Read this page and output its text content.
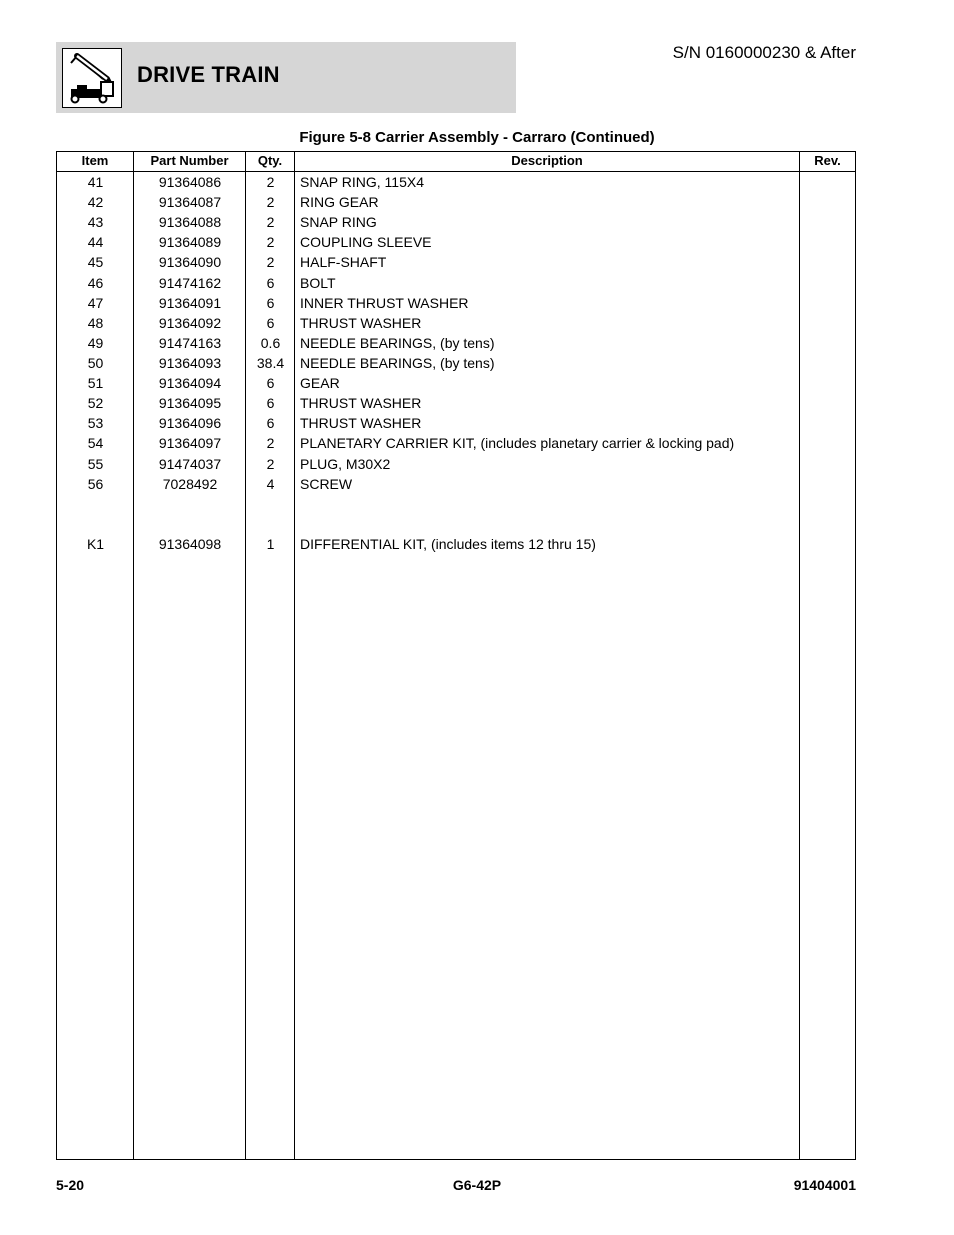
DRIVE TRAIN
S/N 0160000230 & After
Figure 5-8 Carrier Assembly - Carraro (Continued)
Item	Part Number	Qty.	Description	Rev.
41	91364086	2	SNAP RING, 115X4
42	91364087	2	RING GEAR
43	91364088	2	SNAP RING
44	91364089	2	COUPLING SLEEVE
45	91364090	2	HALF-SHAFT
46	91474162	6	BOLT
47	91364091	6	INNER THRUST WASHER
48	91364092	6	THRUST WASHER
49	91474163	0.6	NEEDLE BEARINGS, (by tens)
50	91364093	38.4	NEEDLE BEARINGS, (by tens)
51	91364094	6	GEAR
52	91364095	6	THRUST WASHER
53	91364096	6	THRUST WASHER
54	91364097	2	PLANETARY CARRIER KIT, (includes planetary carrier & locking pad)
55	91474037	2	PLUG, M30X2
56	7028492	4	SCREW
K1	91364098	1	DIFFERENTIAL KIT, (includes items 12 thru 15)
5-20	G6-42P	91404001
